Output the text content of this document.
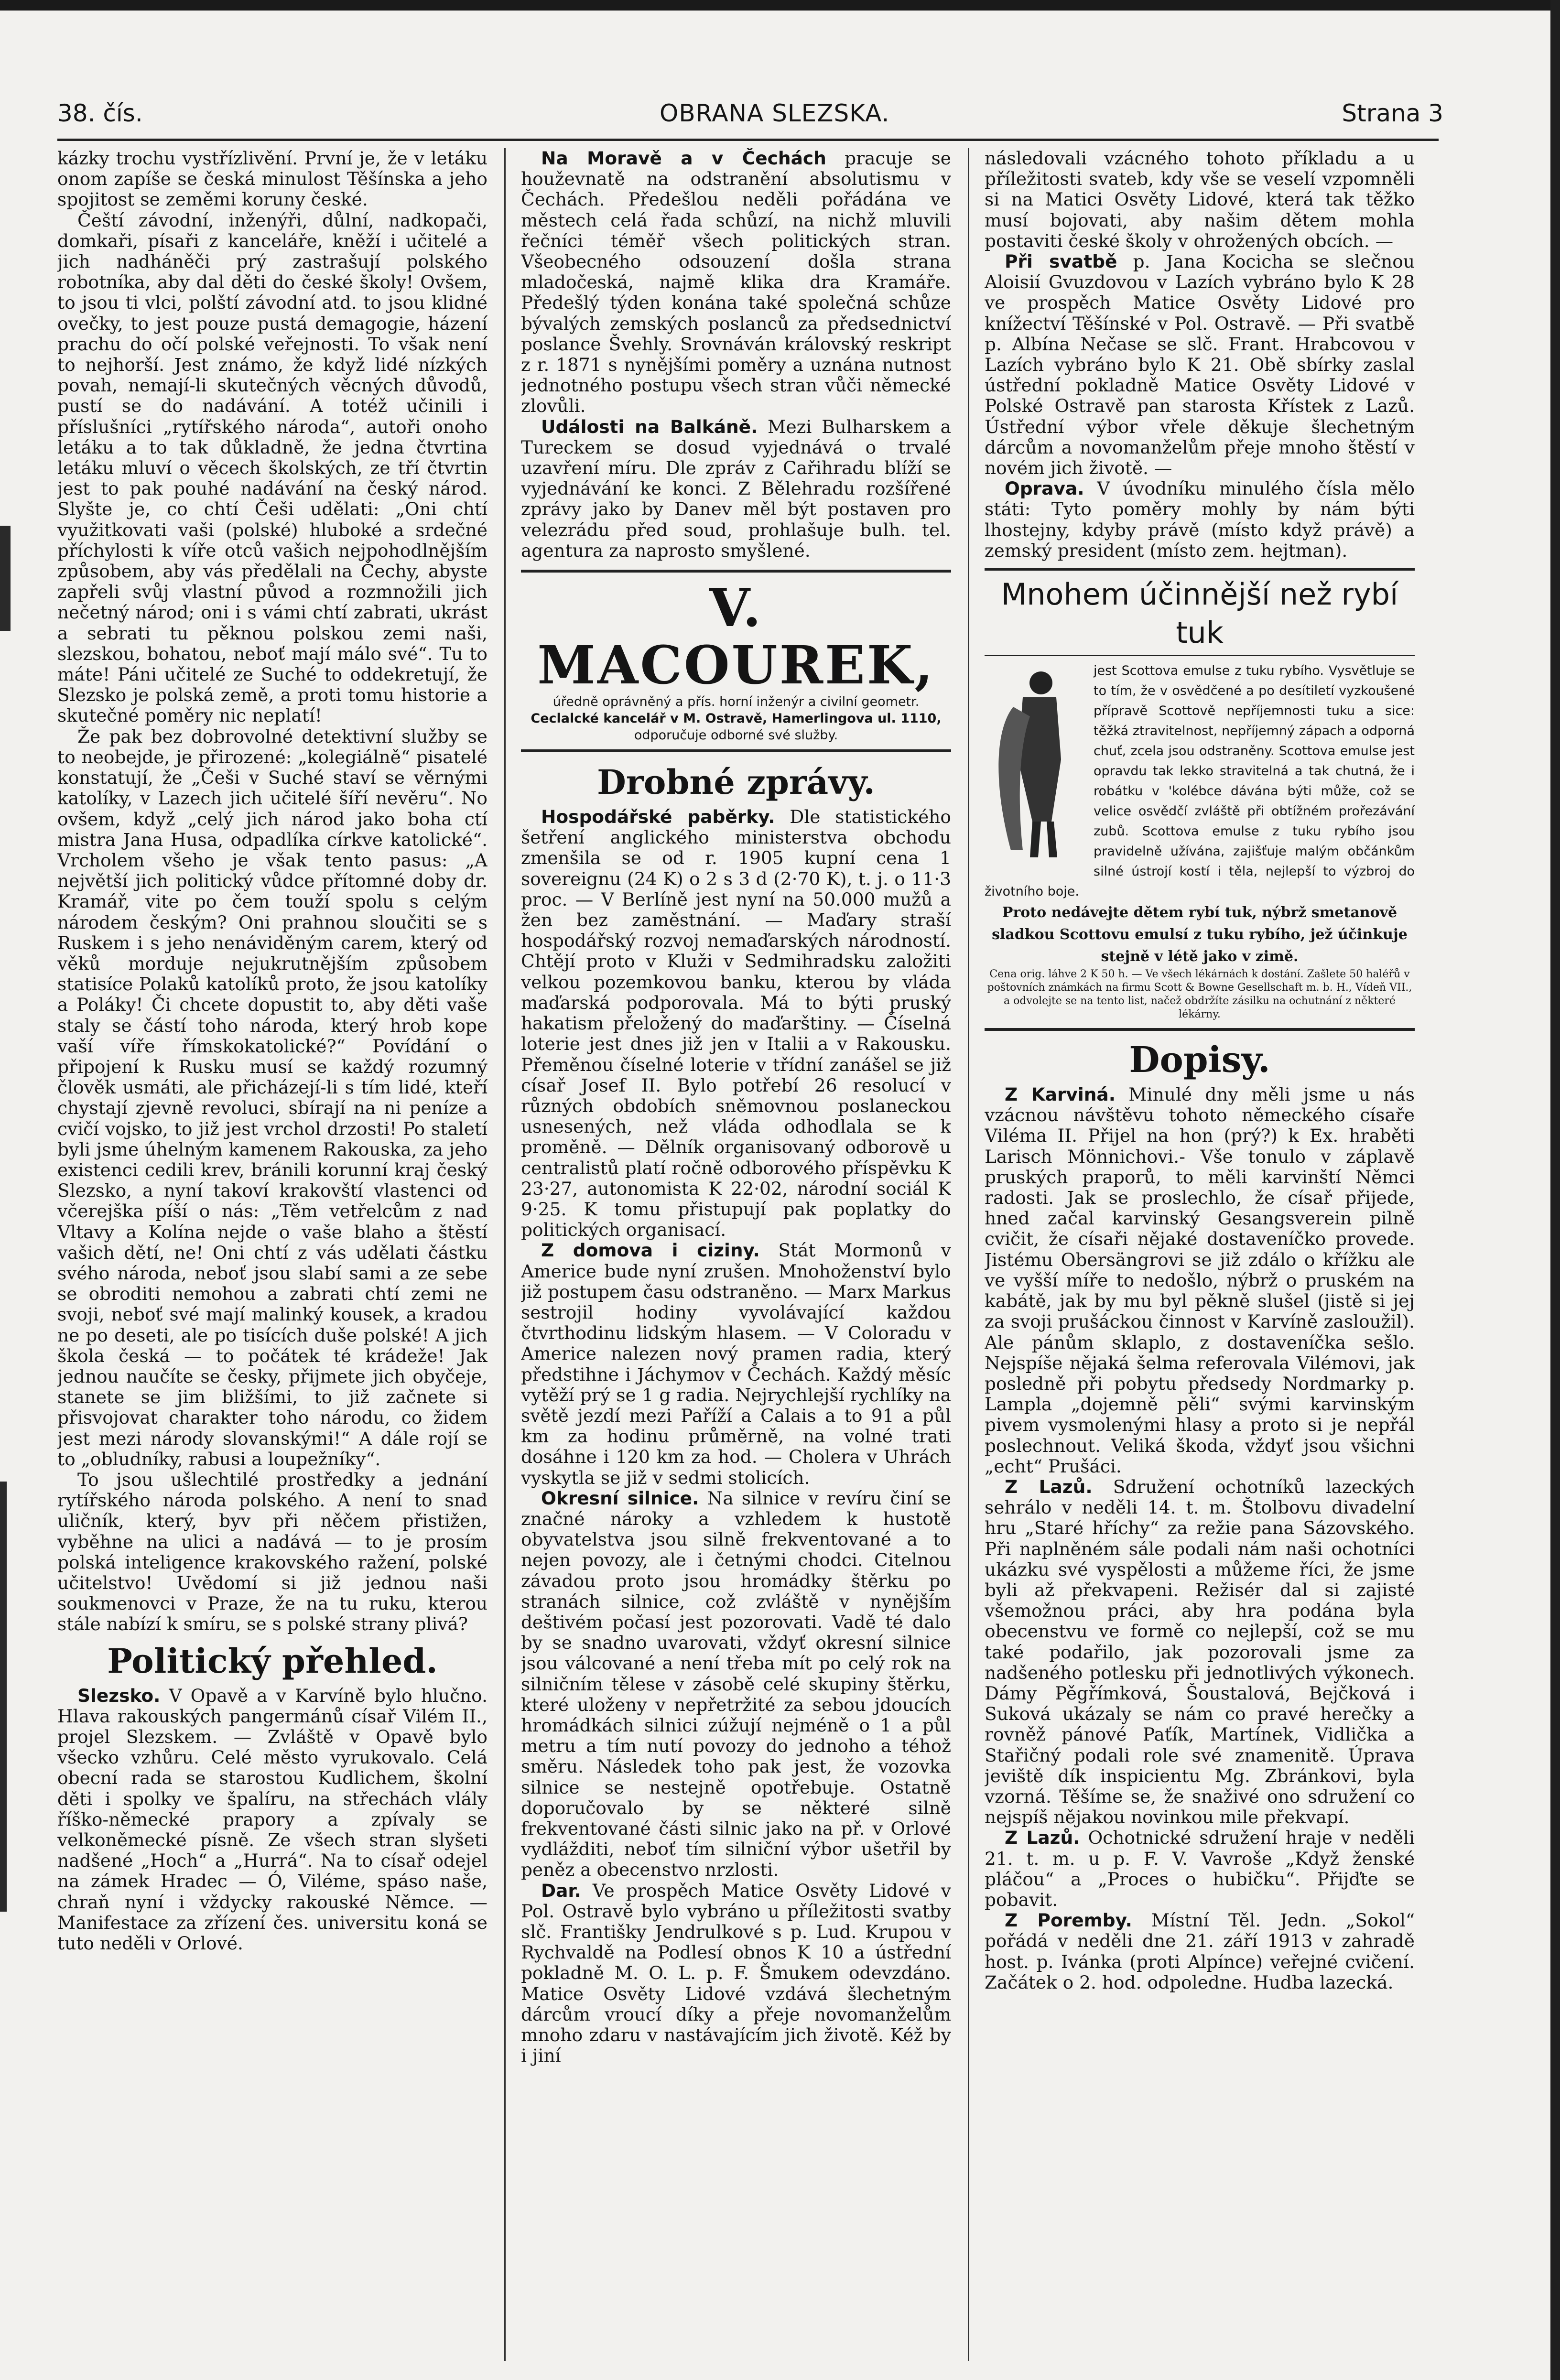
38. čís.	OBRANA SLEZSKA.	Strana 3

kázky trochu vystřízlivění. První je, že v letáku onom zapíše se česká minulost Těšínska a jeho spojitost se zeměmi koruny české.

Čeští závodní, inženýři, důlní, nadkopači, domkaři, písaři z kanceláře, kněží i učitelé a jich nadháněči prý zastrašují polského robotníka, aby dal děti do české školy! Ovšem, to jsou ti vlci, polští závodní atd. to jsou klidné ovečky, to jest pouze pustá demagogie, házení prachu do očí polské veřejnosti. To však není to nejhorší. Jest známo, že když lidé nízkých povah, nemají-li skutečných věcných důvodů, pustí se do nadávání. A totéž učinili i příslušníci „rytířského národa“, autoři onoho letáku a to tak důkladně, že jedna čtvrtina letáku mluví o věcech školských, ze tří čtvrtin jest to pak pouhé nadávání na český národ. Slyšte je, co chtí Češi udělati: „Oni chtí využitkovati vaši (polské) hluboké a srdečné příchylosti k víře otců vašich nejpohodlnějším způsobem, aby vás předělali na Čechy, abyste zapřeli svůj vlastní původ a rozmnožili jich nečetný národ; oni i s vámi chtí zabrati, ukrást a sebrati tu pěknou polskou zemi naši, slezskou, bohatou, neboť mají málo své“. Tu to máte! Páni učitelé ze Suché to oddekretují, že Slezsko je polská země, a proti tomu historie a skutečné poměry nic neplatí!

Že pak bez dobrovolné detektivní služby se to neobejde, je přirozené: „kolegiálně“ pisatelé konstatují, že „Češi v Suché staví se věrnými katolíky, v Lazech jich učitelé šíří nevěru“. No ovšem, když „celý jich národ jako boha ctí mistra Jana Husa, odpadlíka církve katolické“. Vrcholem všeho je však tento pasus: „A největší jich politický vůdce přítomné doby dr. Kramář, vite po čem touží spolu s celým národem českým? Oni prahnou sloučiti se s Ruskem i s jeho nenáviděným carem, který od věků morduje nejukrutnějším způsobem statisíce Polaků katolíků proto, že jsou katolíky a Poláky! Či chcete dopustit to, aby děti vaše staly se částí toho národa, který hrob kope vaší víře římskokatolické?“ Povídání o připojení k Rusku musí se každý rozumný člověk usmáti, ale přicházejí-li s tím lidé, kteří chystají zjevně revoluci, sbírají na ni peníze a cvičí vojsko, to již jest vrchol drzosti! Po staletí byli jsme úhelným kamenem Rakouska, za jeho existenci cedili krev, bránili korunní kraj český Slezsko, a nyní takoví krakovští vlastenci od včerejška píší o nás: „Těm vetřelcům z nad Vltavy a Kolína nejde o vaše blaho a štěstí vašich dětí, ne! Oni chtí z vás udělati částku svého národa, neboť jsou slabí sami a ze sebe se obroditi nemohou a zabrati chtí zemi ne svoji, neboť své mají malinký kousek, a kradou ne po deseti, ale po tisících duše polské! A jich škola česká — to počátek té krádeže! Jak jednou naučíte se česky, přijmete jich obyčeje, stanete se jim bližšími, to již začnete si přisvojovat charakter toho národu, co židem jest mezi národy slovanskými!“ A dále rojí se to „obludníky, rabusi a loupežníky“.

To jsou ušlechtilé prostředky a jednání rytířského národa polského. A není to snad uličník, který, byv při něčem přistižen, vyběhne na ulici a nadává — to je prosím polská inteligence krakovského ražení, polské učitelstvo! Uvědomí si již jednou naši soukmenovci v Praze, že na tu ruku, kterou stále nabízí k smíru, se s polské strany plivá?

Politický přehled.

Slezsko. V Opavě a v Karvíně bylo hlučno. Hlava rakouských pangermánů císař Vilém II., projel Slezskem. — Zvláště v Opavě bylo všecko vzhůru. Celé město vyrukovalo. Celá obecní rada se starostou Kudlichem, školní děti i spolky ve špalíru, na střechách vlály říško-německé prapory a zpívaly se velkoněmecké písně. Ze všech stran slyšeti nadšené „Hoch“ a „Hurrá“. Na to císař odejel na zámek Hradec — Ó, Viléme, spáso naše, chraň nyní i vždycky rakouské Němce. — Manifestace za zřízení čes. universitu koná se tuto neděli v Orlové.

Na Moravě a v Čechách pracuje se houževnatě na odstranění absolutismu v Čechách. Předešlou neděli pořádána ve městech celá řada schůzí, na nichž mluvili řečníci téměř všech politických stran. Všeobecného odsouzení došla strana mladočeská, najmě klika dra Kramáře. Předešlý týden konána také společná schůze bývalých zemských poslanců za předsednictví poslance Švehly. Srovnáván královský reskript z r. 1871 s nynějšími poměry a uznána nutnost jednotného postupu všech stran vůči německé zlovůli.

Události na Balkáně. Mezi Bulharskem a Tureckem se dosud vyjednává o trvalé uzavření míru. Dle zpráv z Cařihradu blíží se vyjednávání ke konci. Z Bělehradu rozšířené zprávy jako by Danev měl být postaven pro velezrádu před soud, prohlašuje bulh. tel. agentura za naprosto smyšlené.

V. MACOUREK,
úředně oprávněný a přís. horní inženýr a civilní geometr.
Ceclalcké kancelář v M. Ostravě, Hamerlingova ul. 1110,
odporučuje odborné své služby.
Drobné zprávy.

Hospodářské paběrky. Dle statistického šetření anglického ministerstva obchodu zmenšila se od r. 1905 kupní cena 1 sovereignu (24 K) o 2 s 3 d (2·70 K), t. j. o 11·3 proc. — V Berlíně jest nyní na 50.000 mužů a žen bez zaměstnání. — Maďary straší hospodářský rozvoj nemaďarských národností. Chtějí proto v Kluži v Sedmihradsku založiti velkou pozemkovou banku, kterou by vláda maďarská podporovala. Má to býti pruský hakatism přeložený do maďarštiny. — Číselná loterie jest dnes již jen v Italii a v Rakousku. Přeměnou číselné loterie v třídní zanášel se již císař Josef II. Bylo potřebí 26 resolucí v různých obdobích sněmovnou poslaneckou usnesených, než vláda odhodlala se k proměně. — Dělník organisovaný odborově u centralistů platí ročně odborového příspěvku K 23·27, autonomista K 22·02, národní sociál K 9·25. K tomu přistupují pak poplatky do politických organisací.

Z domova i ciziny. Stát Mormonů v Americe bude nyní zrušen. Mnohoženství bylo již postupem času odstraněno. — Marx Markus sestrojil hodiny vyvolávající každou čtvrthodinu lidským hlasem. — V Coloradu v Americe nalezen nový pramen radia, který předstihne i Jáchymov v Čechách. Každý měsíc vytěží prý se 1 g radia. Nejrychlejší rychlíky na světě jezdí mezi Paříží a Calais a to 91 a půl km za hodinu průměrně, na volné trati dosáhne i 120 km za hod. — Cholera v Uhrách vyskytla se již v sedmi stolicích.

Okresní silnice. Na silnice v revíru činí se značné nároky a vzhledem k hustotě obyvatelstva jsou silně frekventované a to nejen povozy, ale i četnými chodci. Citelnou závadou proto jsou hromádky štěrku po stranách silnice, což zvláště v nynějším deštivém počasí jest pozorovati. Vadě té dalo by se snadno uvarovati, vždyť okresní silnice jsou válcované a není třeba mít po celý rok na silničním tělese v zásobě celé skupiny štěrku, které uloženy v nepřetržité za sebou jdoucích hromádkách silnici zúžují nejméně o 1 a půl metru a tím nutí povozy do jednoho a téhož směru. Následek toho pak jest, že vozovka silnice se nestejně opotřebuje. Ostatně doporučovalo by se některé silně frekventované části silnic jako na př. v Orlové vydlážditi, neboť tím silniční výbor ušetřil by peněz a obecenstvo nrzlosti.

Dar. Ve prospěch Matice Osvěty Lidové v Pol. Ostravě bylo vybráno u příležitosti svatby slč. Františky Jendrulkové s p. Lud. Krupou v Rychvaldě na Podlesí obnos K 10 a ústřední pokladně M. O. L. p. F. Šmukem odevzdáno. Matice Osvěty Lidové vzdává šlechetným dárcům vroucí díky a přeje novomanželům mnoho zdaru v nastávajícím jich životě. Kéž by i jiní

následovali vzácného tohoto příkladu a u příležitosti svateb, kdy vše se veselí vzpomněli si na Matici Osvěty Lidové, která tak těžko musí bojovati, aby našim dětem mohla postaviti české školy v ohrožených obcích. —

Při svatbě p. Jana Kocicha se slečnou Aloisií Gvuzdovou v Lazích vybráno bylo K 28 ve prospěch Matice Osvěty Lidové pro knížectví Těšínské v Pol. Ostravě. — Při svatbě p. Albína Nečase se slč. Frant. Hrabcovou v Lazích vybráno bylo K 21. Obě sbírky zaslal ústřední pokladně Matice Osvěty Lidové v Polské Ostravě pan starosta Křístek z Lazů. Ústřední výbor vřele děkuje šlechetným dárcům a novomanželům přeje mnoho štěstí v novém jich životě. —

Oprava. V úvodníku minulého čísla mělo státi: Tyto poměry mohly by nám býti lhostejny, kdyby právě (místo když právě) a zemský president (místo zem. hejtman).

Mnohem účinnější než rybí tuk
jest Scottova emulse z tuku rybího. Vysvětluje se to tím, že v osvědčené a po desítiletí vyzkoušené přípravě Scottově nepříjemnosti tuku a sice: těžká ztravitelnost, nepříjemný zápach a odporná chuť, zcela jsou odstraněny. Scottova emulse jest opravdu tak lekko stravitelná a tak chutná, že i robátku v 'kolébce dávána býti může, což se velice osvědčí zvláště při obtížném prořezávání zubů. Scottova emulse z tuku rybího jsou pravidelně užívána, zajišťuje malým občánkům silné ústrojí kostí i těla, nejlepší to výzbroj do životního boje.
Proto nedávejte dětem rybí tuk, nýbrž smetanově sladkou Scottovu emulsí z tuku rybího, jež účinkuje stejně v létě jako v zimě.
Cena orig. láhve 2 K 50 h. — Ve všech lékárnách k dostání. Zašlete 50 haléřů v poštovních známkách na firmu Scott & Bowne Gesellschaft m. b. H., Vídeň VII., a odvolejte se na tento list, načež obdržíte zásilku na ochutnání z některé lékárny.
Dopisy.

Z Karviná. Minulé dny měli jsme u nás vzácnou návštěvu tohoto německého císaře Viléma II. Přijel na hon (prý?) k Ex. hraběti Larisch Mönnichovi.- Vše tonulo v záplavě pruských praporů, to měli karvinští Němci radosti. Jak se proslechlo, že císař přijede, hned začal karvinský Gesangsverein pilně cvičit, že císaři nějaké dostaveníčko provede. Jistému Obersängrovi se již zdálo o křížku ale ve vyšší míře to nedošlo, nýbrž o pruském na kabátě, jak by mu byl pěkně slušel (jistě si jej za svoji prušáckou činnost v Karvíně zasloužil). Ale pánům sklaplo, z dostaveníčka sešlo. Nejspíše nějaká šelma referovala Vilémovi, jak posledně při pobytu předsedy Nordmarky p. Lampla „dojemně pěli“ svými karvinským pivem vysmolenými hlasy a proto si je nepřál poslechnout. Veliká škoda, vždyť jsou všichni „echt“ Prušáci.

Z Lazů. Sdružení ochotníků lazeckých sehrálo v neděli 14. t. m. Štolbovu divadelní hru „Staré hříchy“ za režie pana Sázovského. Při naplněném sále podali nám naši ochotníci ukázku své vyspělosti a můžeme říci, že jsme byli až překvapeni. Režisér dal si zajisté všemožnou práci, aby hra podána byla obecenstvu ve formě co nejlepší, což se mu také podařilo, jak pozorovali jsme za nadšeného potlesku při jednotlivých výkonech. Dámy Pěgřímková, Šoustalová, Bejčková i Suková ukázaly se nám co pravé herečky a rovněž pánové Paťík, Martínek, Vidlička a Stařičný podali role své znamenitě. Úprava jeviště dík inspicientu Mg. Zbránkovi, byla vzorná. Těšíme se, že snaživé ono sdružení co nejspíš nějakou novinkou mile překvapí.

Z Lazů. Ochotnické sdružení hraje v neděli 21. t. m. u p. F. V. Vavroše „Když ženské pláčou“ a „Proces o hubičku“. Přijďte se pobavit.

Z Poremby. Místní Těl. Jedn. „Sokol“ pořádá v neděli dne 21. září 1913 v zahradě host. p. Ivánka (proti Alpínce) veřejné cvičení. Začátek o 2. hod. odpoledne. Hudba lazecká.
